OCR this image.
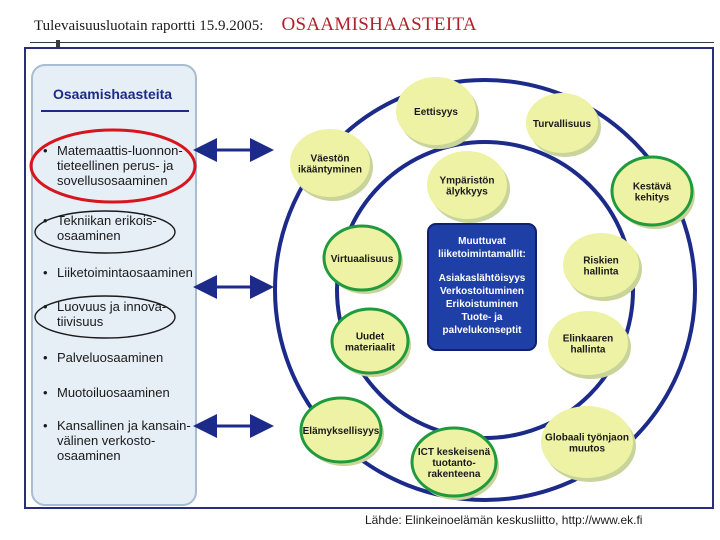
Tulevaisuusluotain raportti 15.9.2005: OSAAMISHAASTEITA
Osaamishaasteita
• Matemaattis-luonnon-
tieteellinen perus- ja
sovellusosaaminen
• Tekniikan erikois-
osaaminen
• Liiketoimintaosaaminen
• Luovuus ja innova-
tiivisuus
• Palveluosaaminen
• Muotoiluosaaminen
• Kansallinen ja kansain-
välinen verkosto-
osaaminen
Muuttuvat
liiketoimintamallit:
Asiakaslähtöisyys
Verkostoituminen
Erikoistuminen
Tuote- ja
palvelukonseptit
Eettisyys
Turvallisuus
Väestön
ikääntyminen
Kestävä
kehitys
Ympäristön
älykkyys
Virtuaalisuus	Riskien
hallinta
Uudet
materiaalit
Elinkaaren
hallinta
Elämyksellisyys
ICT keskeisenä
tuotanto-
rakenteena
Globaali työnjaon
muutos
Lähde: Elinkeinoelämän keskusliitto, http://www.ek.fi
